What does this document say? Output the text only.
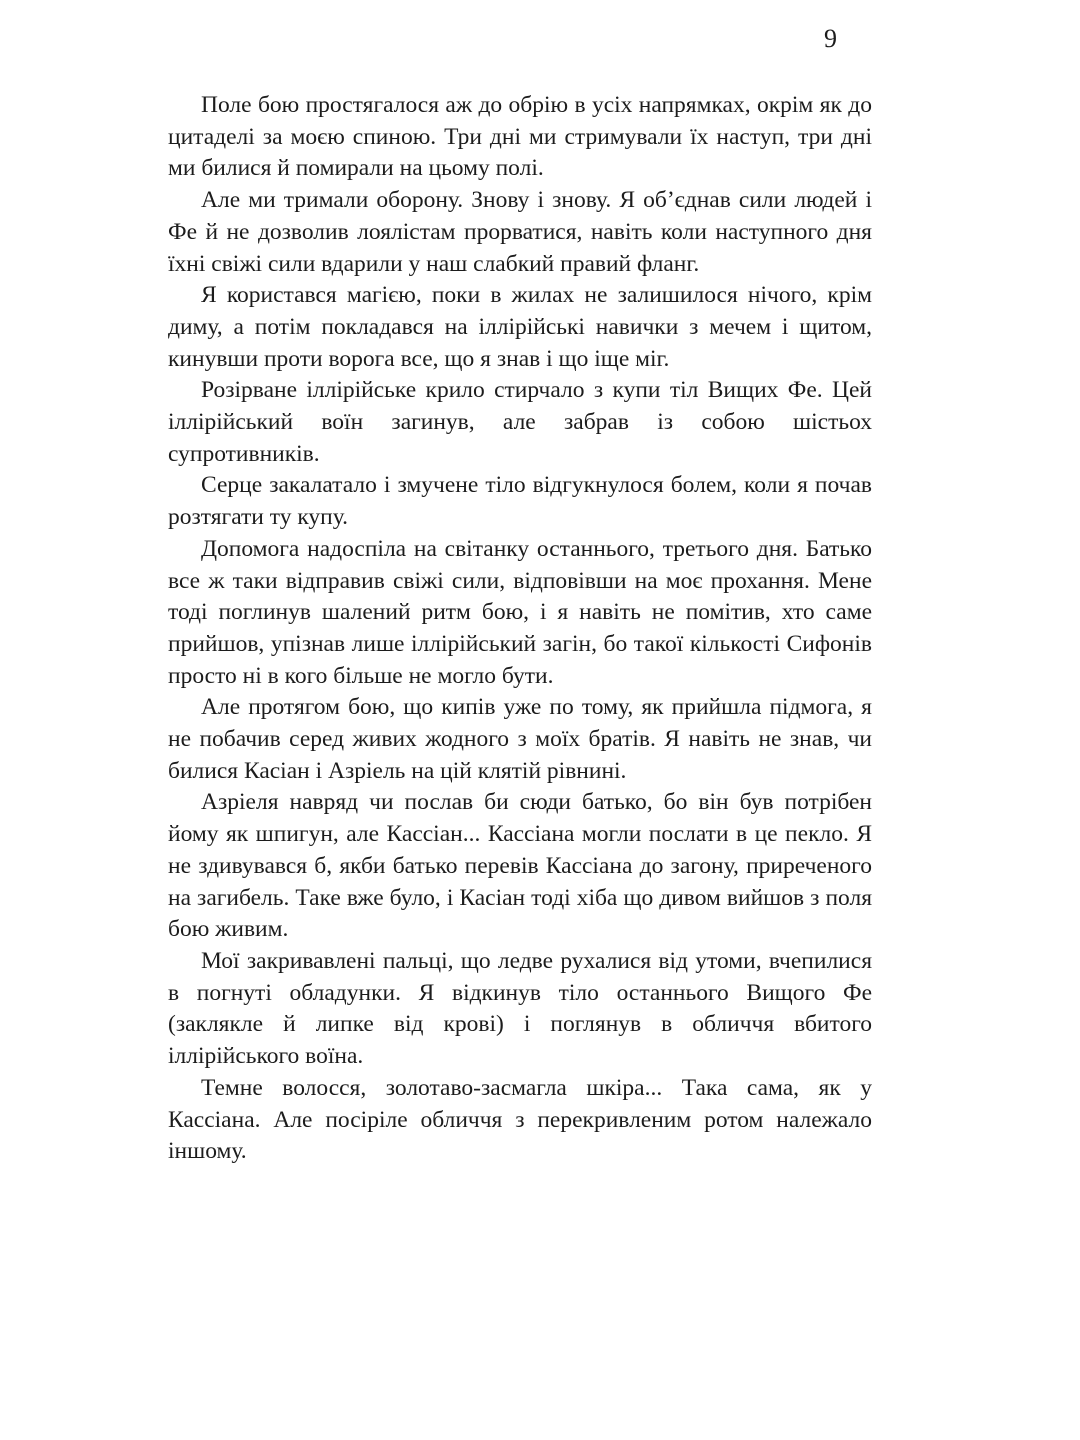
9

Поле бою простягалося аж до обрію в усіх напрямках, окрім як до цитаделі за моєю спиною. Три дні ми стримували їх наступ, три дні ми билися й помирали на цьому полі.

Але ми тримали оборону. Знову і знову. Я об’єднав сили людей і Фе й не дозволив лоялістам прорватися, навіть коли наступного дня їхні свіжі сили вдарили у наш слабкий правий фланг.

Я користався магією, поки в жилах не залишилося нічого, крім диму, а потім покладався на іллірійські навички з мечем і щитом, кинувши проти ворога все, що я знав і що іще міг.

Розірване іллірійське крило стирчало з купи тіл Вищих Фе. Цей іллірійський воїн загинув, але забрав із собою шістьох супротивників.

Серце закалатало і змучене тіло відгукнулося болем, коли я почав розтягати ту купу.

Допомога надоспіла на світанку останнього, третього дня. Батько все ж таки відправив свіжі сили, відповівши на моє прохання. Мене тоді поглинув шалений ритм бою, і я навіть не помітив, хто саме прийшов, упізнав лише іллірійський загін, бо такої кількості Сифонів просто ні в кого більше не могло бути.

Але протягом бою, що кипів уже по тому, як прийшла підмога, я не побачив серед живих жодного з моїх братів. Я навіть не знав, чи билися Касіан і Азріель на цій клятій рівнині.

Азріеля навряд чи послав би сюди батько, бо він був потрібен йому як шпигун, але Кассіан... Кассіана могли послати в це пекло. Я не здивувався б, якби батько перевів Кассіана до загону, приреченого на загибель. Таке вже було, і Касіан тоді хіба що дивом вийшов з поля бою живим.

Мої закривавлені пальці, що ледве рухалися від утоми, вчепилися в погнуті обладунки. Я відкинув тіло останнього Вищого Фе (заклякле й липке від крові) і поглянув в обличчя вбитого іллірійського воїна.

Темне волосся, золотаво-засмагла шкіра... Така сама, як у Кассіана. Але посіріле обличчя з перекривленим ротом належало іншому.
